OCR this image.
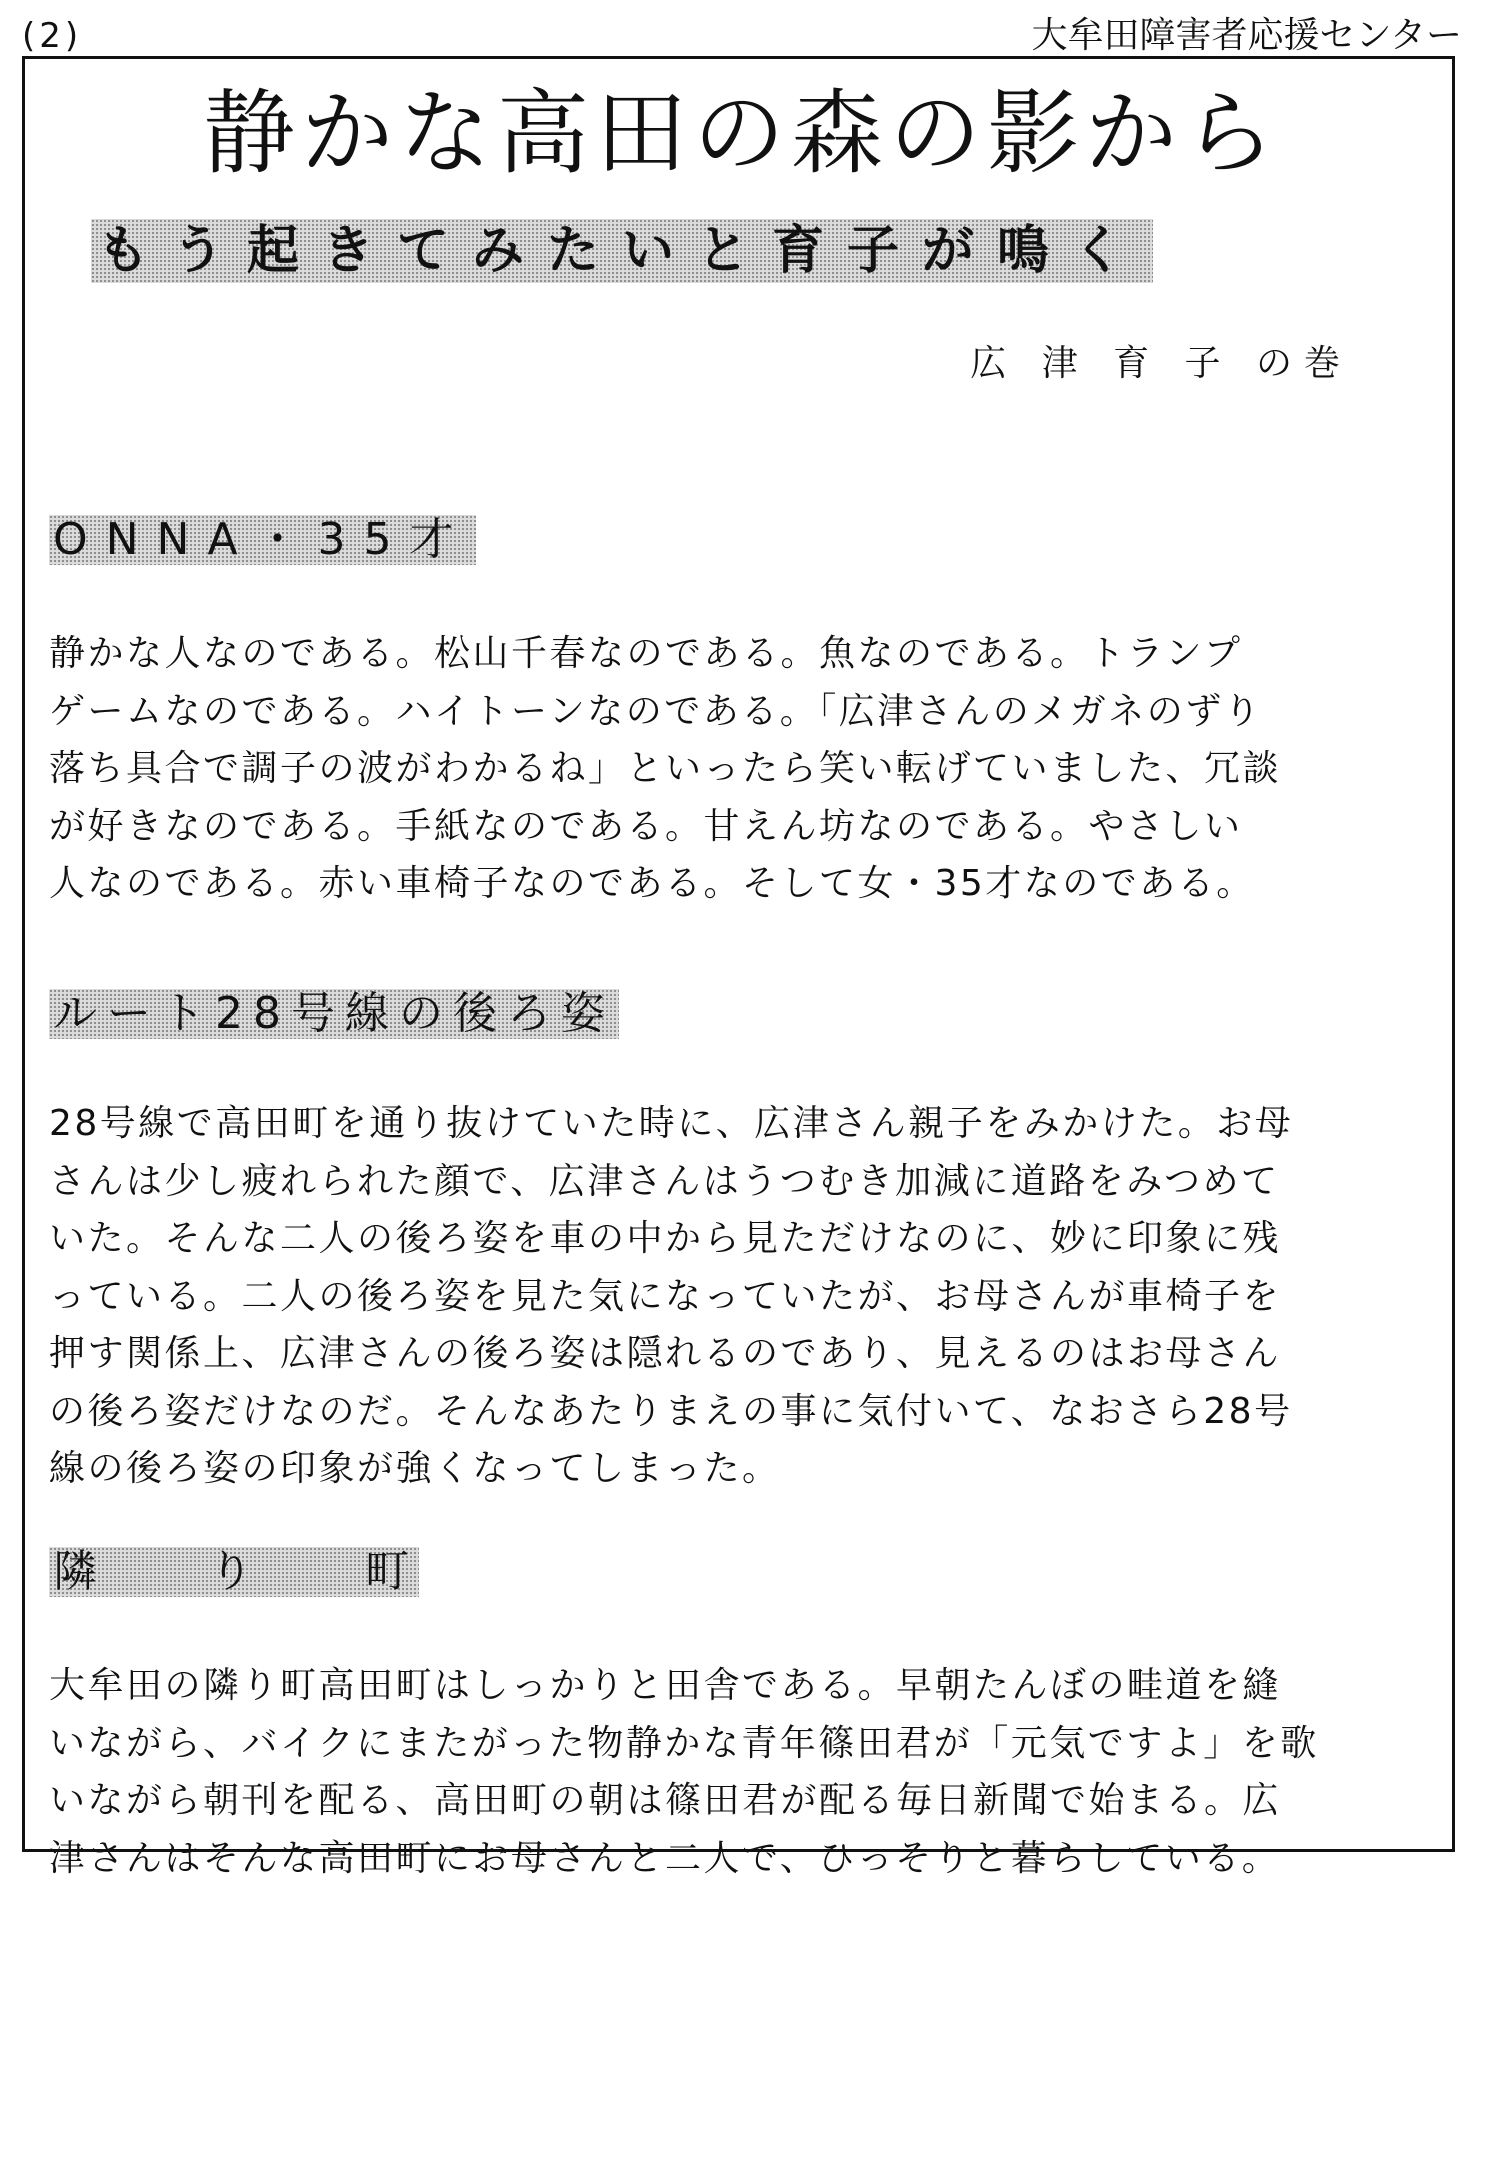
(2)	大牟田障害者応援センター
静かな高田の森の影から
もう起きてみたいと育子が鳴く
広 津 育 子 の巻
ONNA・35才

静かな人なのである。松山千春なのである。魚なのである。トランプ
ゲームなのである。ハイトーンなのである。「広津さんのメガネのずり
落ち具合で調子の波がわかるね」といったら笑い転げていました、冗談
が好きなのである。手紙なのである。甘えん坊なのである。やさしい
人なのである。赤い車椅子なのである。そして女・35才なのである。

ルート28号線の後ろ姿

28号線で高田町を通り抜けていた時に、広津さん親子をみかけた。お母
さんは少し疲れられた顔で、広津さんはうつむき加減に道路をみつめて
いた。そんな二人の後ろ姿を車の中から見ただけなのに、妙に印象に残
っている。二人の後ろ姿を見た気になっていたが、お母さんが車椅子を
押す関係上、広津さんの後ろ姿は隠れるのであり、見えるのはお母さん
の後ろ姿だけなのだ。そんなあたりまえの事に気付いて、なおさら28号
線の後ろ姿の印象が強くなってしまった。

隣 り 町

大牟田の隣り町高田町はしっかりと田舎である。早朝たんぼの畦道を縫
いながら、バイクにまたがった物静かな青年篠田君が「元気ですよ」を歌
いながら朝刊を配る、高田町の朝は篠田君が配る毎日新聞で始まる。広
津さんはそんな高田町にお母さんと二人で、ひっそりと暮らしている。
